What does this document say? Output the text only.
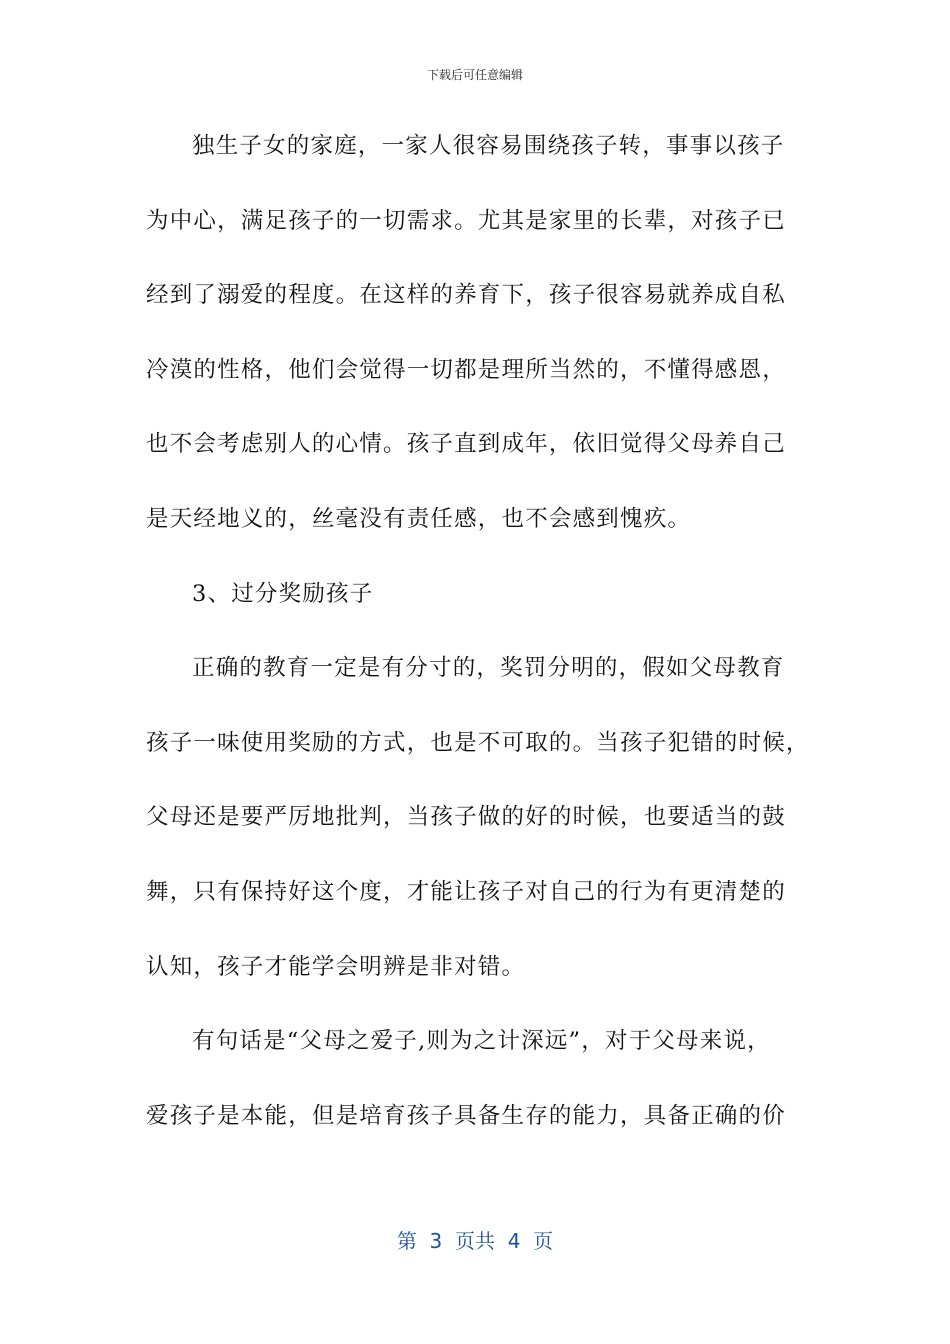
下载后可任意编辑
独生子女的家庭，一家人很容易围绕孩子转，事事以孩子
为中心，满足孩子的一切需求。尤其是家里的长辈，对孩子已
经到了溺爱的程度。在这样的养育下，孩子很容易就养成自私
冷漠的性格，他们会觉得一切都是理所当然的，不懂得感恩，
也不会考虑别人的心情。孩子直到成年，依旧觉得父母养自己
是天经地义的，丝毫没有责任感，也不会感到愧疚。
3、过分奖励孩子
正确的教育一定是有分寸的，奖罚分明的，假如父母教育
孩子一味使用奖励的方式，也是不可取的。当孩子犯错的时候，
父母还是要严厉地批判，当孩子做的好的时候，也要适当的鼓
舞，只有保持好这个度，才能让孩子对自己的行为有更清楚的
认知，孩子才能学会明辨是非对错。
有句话是“父母之爱子,则为之计深远”，对于父母来说，
爱孩子是本能，但是培育孩子具备生存的能力，具备正确的价
第  3  页共  4  页
